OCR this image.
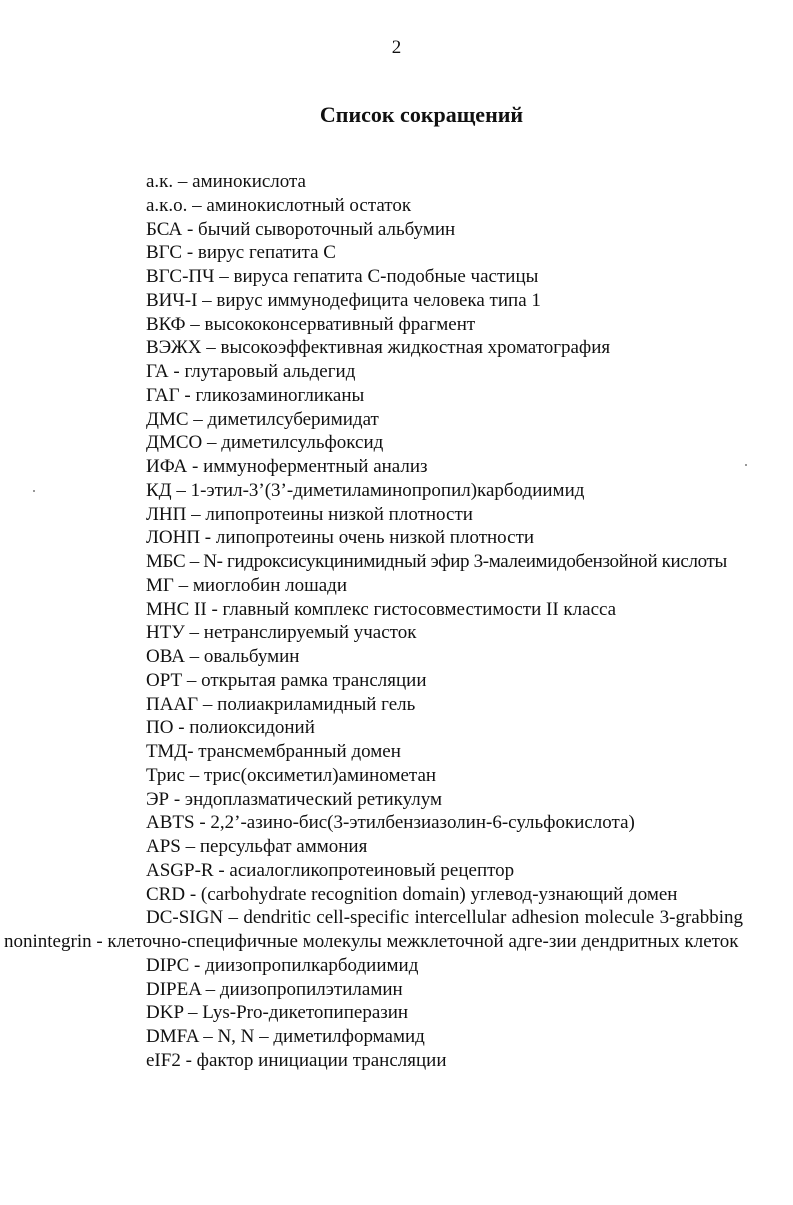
2
Список сокращений
а.к. – аминокислота
а.к.о. – аминокислотный остаток
БСА - бычий сывороточный альбумин
ВГС - вирус гепатита С
ВГС-ПЧ – вируса гепатита С-подобные частицы
ВИЧ-I – вирус иммунодефицита человека типа 1
ВКФ – высококонсервативный фрагмент
ВЭЖХ – высокоэффективная жидкостная хроматография
ГА - глутаровый альдегид
ГАГ - гликозаминогликаны
ДМС – диметилсуберимидат
ДМСО – диметилсульфоксид
ИФА - иммуноферментный анализ
КД – 1-этил-3’(3’-диметиламинопропил)карбодиимид
ЛНП – липопротеины низкой плотности
ЛОНП - липопротеины очень низкой плотности
МБС – N- гидроксисукцинимидный эфир 3-малеимидобензойной кислоты
МГ – миоглобин лошади
МНС II - главный комплекс гистосовместимости II класса
НТУ – нетранслируемый участок
ОВА – овальбумин
ОРТ – открытая рамка трансляции
ПААГ – полиакриламидный гель
ПО - полиоксидоний
ТМД- трансмембранный домен
Трис – трис(оксиметил)аминометан
ЭР - эндоплазматический ретикулум
ABTS - 2,2’-азино-бис(3-этилбензиазолин-6-сульфокислота)
APS – персульфат аммония
ASGP-R - асиалогликопротеиновый рецептор
CRD - (carbohydrate recognition domain) углевод-узнающий домен
DC-SIGN – dendritic cell-specific intercellular adhesion molecule 3-grabbing nonintegrin - клеточно-специфичные молекулы межклеточной адге-зии дендритных клеток
DIPC - диизопропилкарбодиимид
DIPEA – диизопропилэтиламин
DKP – Lys-Pro-дикетопиперазин
DMFA – N, N – диметилформамид
eIF2 - фактор инициации трансляции
